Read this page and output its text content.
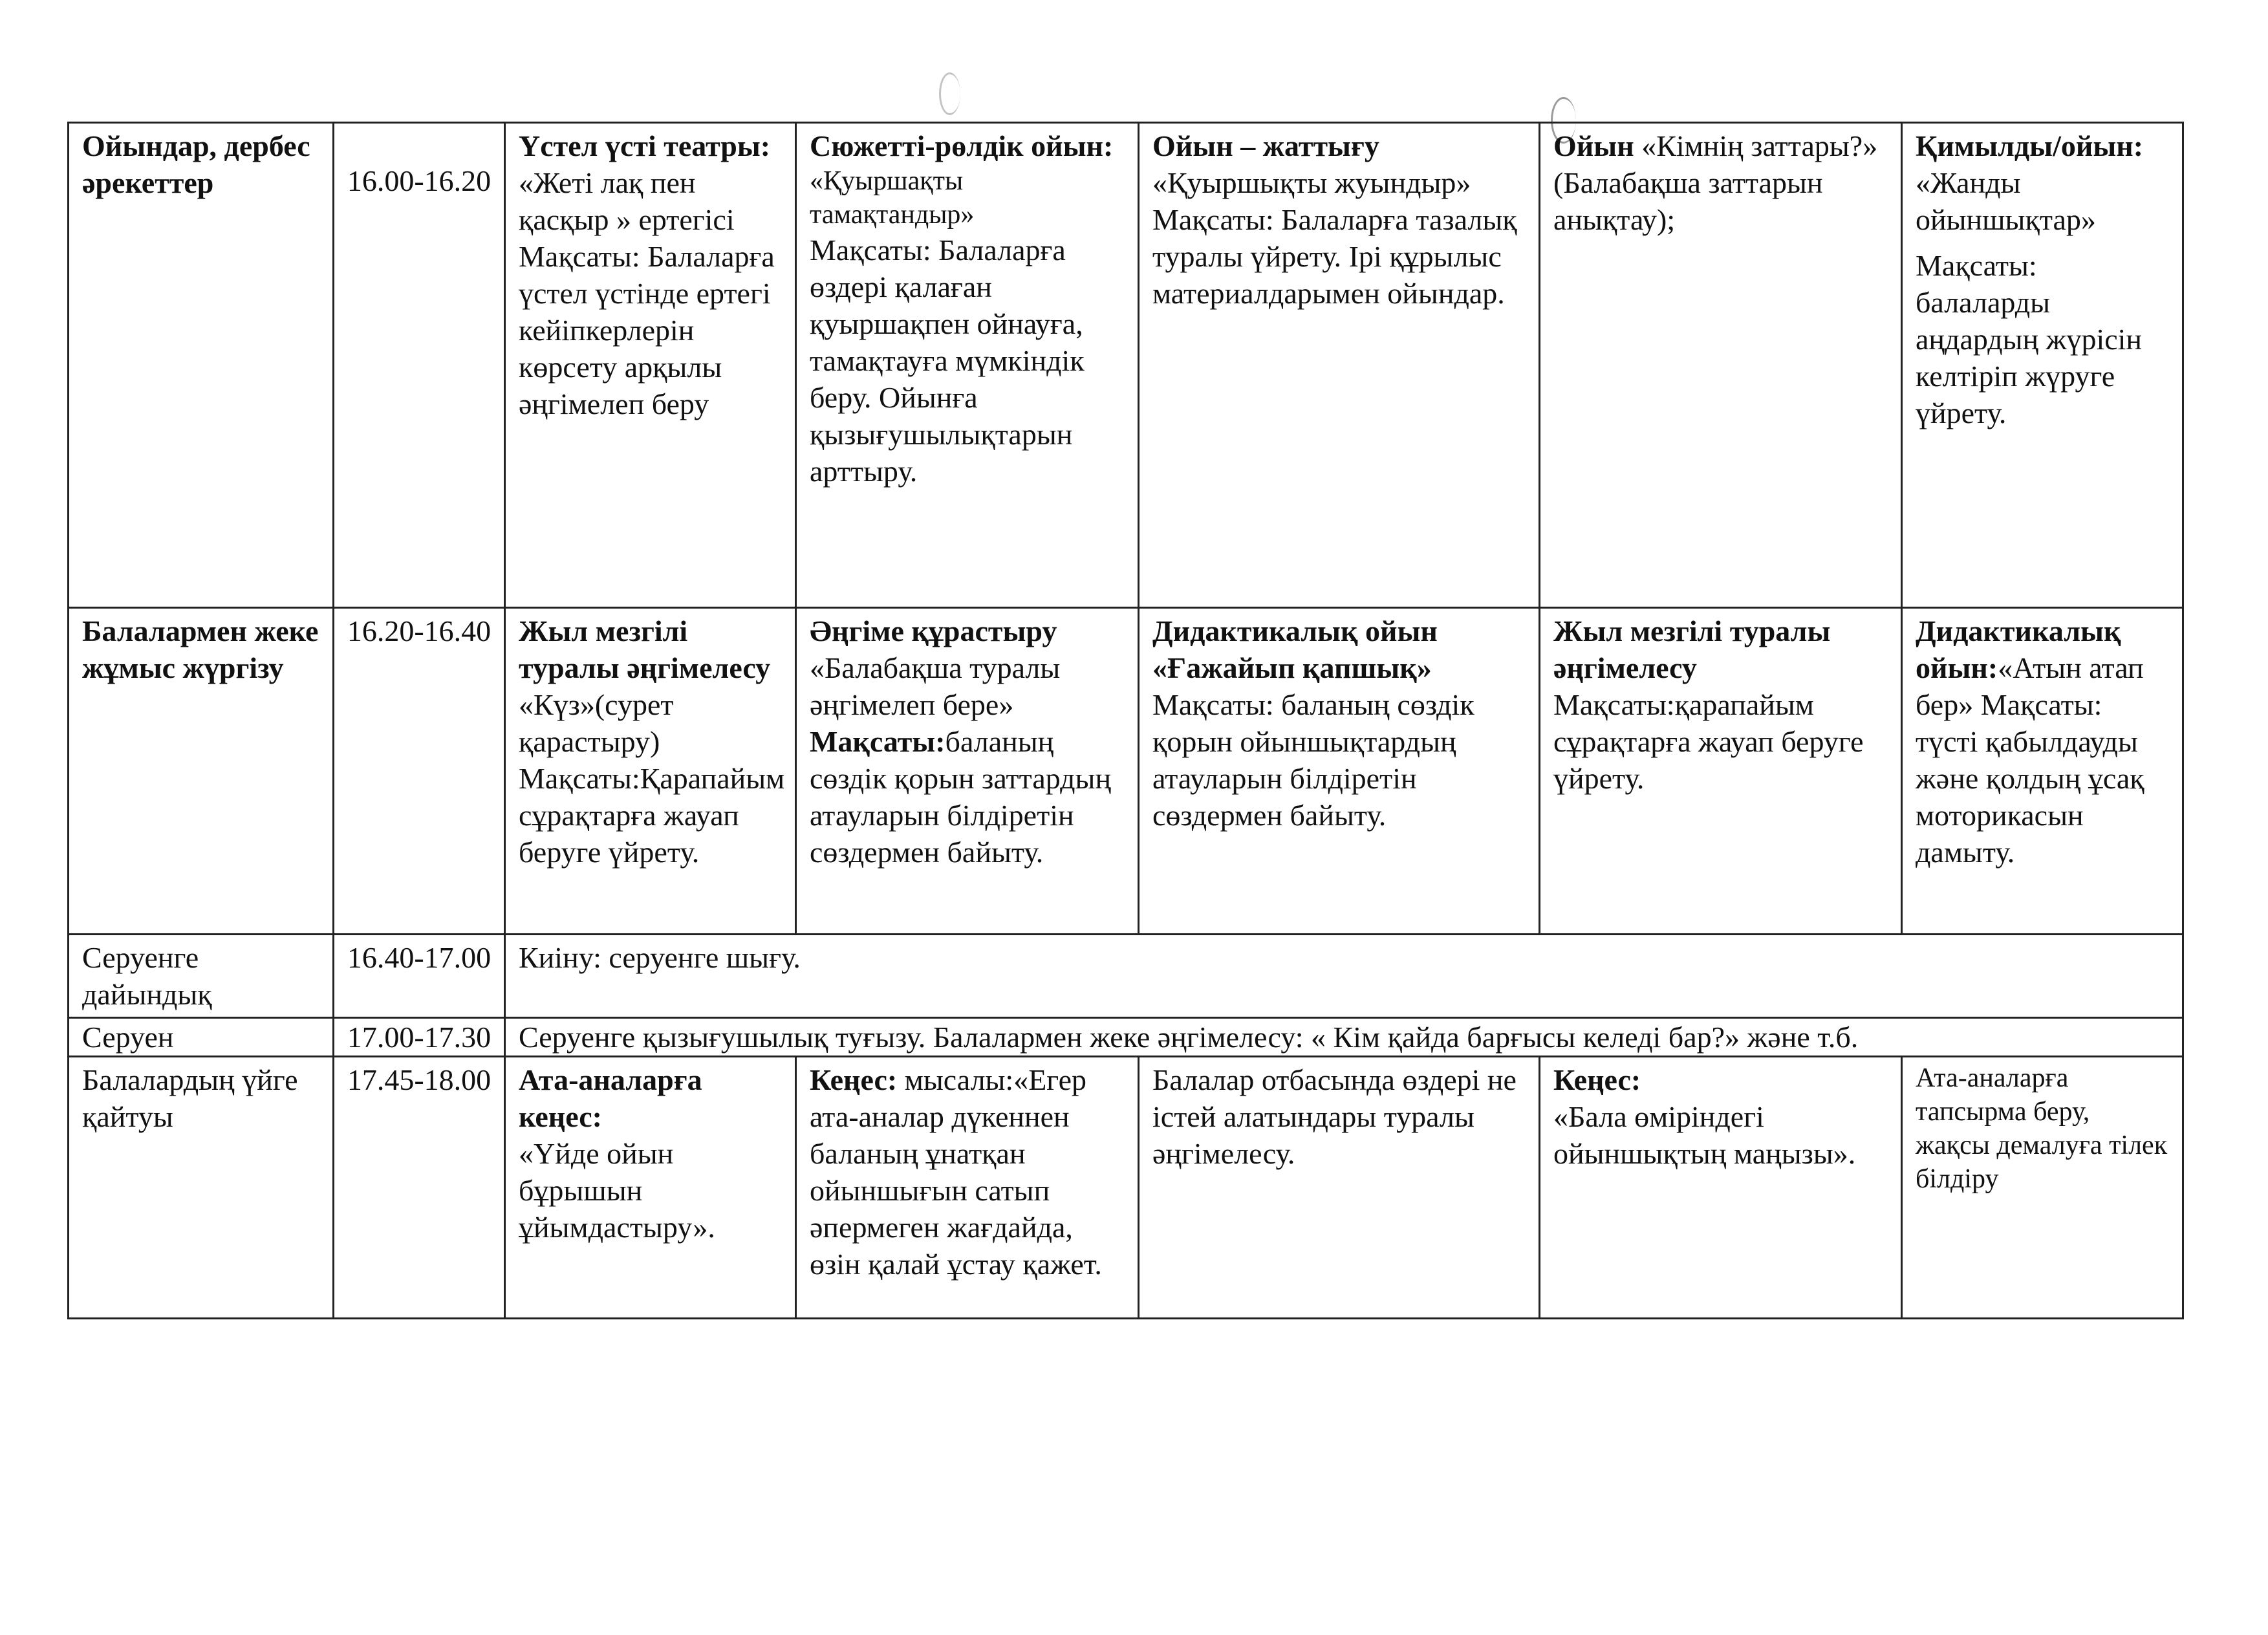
Ойындар, дербес әрекеттер	16.00-16.20	Үстел үсті театры:
«Жеті лақ пен қасқыр » ертегісі Мақсаты: Балаларға үстел үстінде ертегі кейіпкерлерін көрсету арқылы әңгімелеп беру	Сюжетті-рөлдік ойын:
«Қуыршақты тамақтандыр»
Мақсаты: Балаларға өздері қалаған қуыршақпен ойнауға, тамақтауға мүмкіндік беру. Ойынға қызығушылықтарын арттыру.	Ойын – жаттығу
«Қуыршықты жуындыр» Мақсаты: Балаларға тазалық туралы үйрету. Ірі құрылыс материалдарымен ойындар.	Ойын «Кімнің заттары?» (Балабақша заттарын анықтау);	Қимылды/ойын:
«Жанды ойыншықтар»
Мақсаты: балаларды аңдардың жүрісін келтіріп жүруге үйрету.

Балалармен жеке жұмыс жүргізу	16.20-16.40	Жыл мезгілі туралы әңгімелесу
«Күз»(сурет қарастыру) Мақсаты:Қарапайым сұрақтарға жауап беруге үйрету.	Әңгіме құрастыру
«Балабақша туралы әңгімелеп бере»
Мақсаты:баланың сөздік қорын заттардың атауларын білдіретін сөздермен байыту.	Дидактикалық ойын «Ғажайып қапшық»
Мақсаты: баланың сөздік қорын ойыншықтардың атауларын білдіретін сөздермен байыту.	Жыл мезгілі туралы әңгімелесу
Мақсаты:қарапайым сұрақтарға жауап беруге үйрету.	Дидактикалық ойын:«Атын атап бер» Мақсаты: түсті қабылдауды және қолдың ұсақ моторикасын дамыту.
Серуенге дайындық	16.40-17.00	Киіну: серуенге шығу.				
Серуен	17.00-17.30	Серуенге қызығушылық туғызу. Балалармен жеке әңгімелесу: « Кім қайда барғысы келеді бар?» және т.б.				
Балалардың үйге қайтуы	17.45-18.00	Ата-аналарға кеңес:
«Үйде ойын бұрышын ұйымдастыру».	Кеңес: мысалы:«Егер ата-аналар дүкеннен баланың ұнатқан ойыншығын сатып әпермеген жағдайда, өзін қалай ұстау қажет.	Балалар отбасында өздері не істей алатындары туралы әңгімелесу.	Кеңес:
«Бала өміріндегі ойыншықтың маңызы».	Ата-аналарға тапсырма беру, жақсы демалуға тілек білдіру
